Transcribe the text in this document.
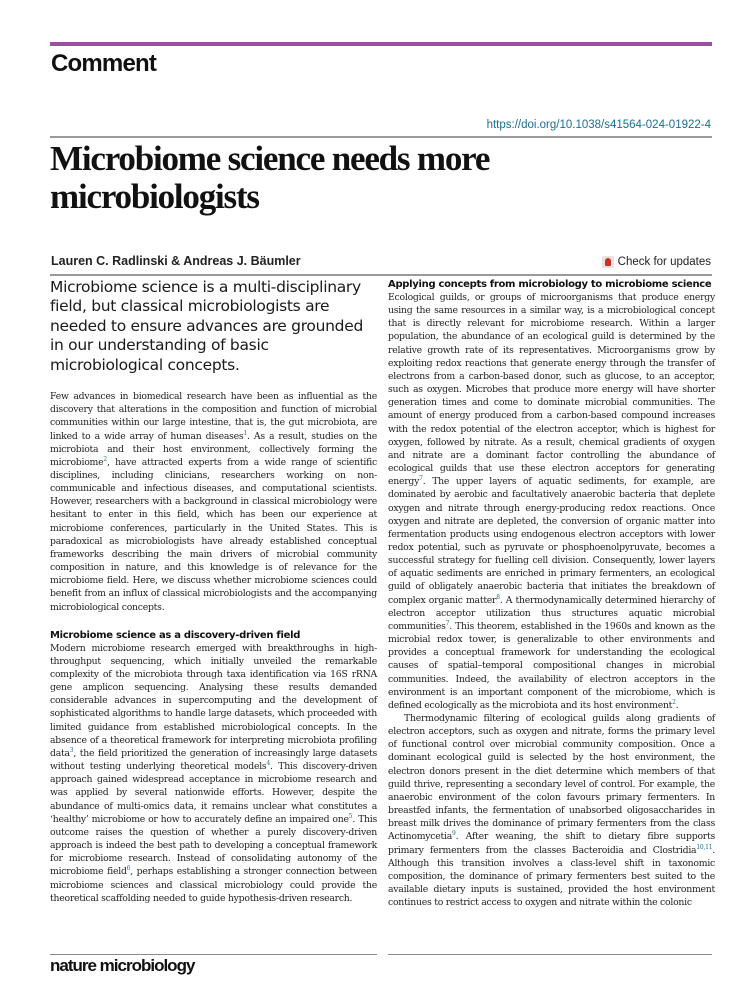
Comment
https://doi.org/10.1038/s41564-024-01922-4
Microbiome science needs more microbiologists
Lauren C. Radlinski & Andreas J. Bäumler	Check for updates
Microbiome science is a multi-disciplinary field, but classical microbiologists are needed to ensure advances are grounded in our understanding of basic microbiological concepts.

Few advances in biomedical research have been as influential as the discovery that alterations in the composition and function of microbial communities within our large intestine, that is, the gut microbiota, are linked to a wide array of human diseases$^1$. As a result, studies on the microbiota and their host environment, collectively forming the microbiome$^2$, have attracted experts from a wide range of scientific disciplines, including clinicians, researchers working on non-communicable and infectious diseases, and computational scientists. However, researchers with a background in classical microbiology were hesitant to enter in this field, which has been our experience at microbiome conferences, particularly in the United States. This is paradoxical as microbiologists have already established conceptual frameworks describing the main drivers of microbial community composition in nature, and this knowledge is of relevance for the microbiome field. Here, we discuss whether microbiome sciences could benefit from an influx of classical microbiologists and the accompanying microbiological concepts.

Microbiome science as a discovery-driven field

Modern microbiome research emerged with breakthroughs in high-throughput sequencing, which initially unveiled the remarkable complexity of the microbiota through taxa identification via 16S rRNA gene amplicon sequencing. Analysing these results demanded considerable advances in supercomputing and the development of sophisticated algorithms to handle large datasets, which proceeded with limited guidance from established microbiological concepts. In the absence of a theoretical framework for interpreting microbiota profiling data$^3$, the field prioritized the generation of increasingly large datasets without testing underlying theoretical models$^4$. This discovery-driven approach gained widespread acceptance in microbiome research and was applied by several nationwide efforts. However, despite the abundance of multi-omics data, it remains unclear what constitutes a ‘healthy’ microbiome or how to accurately define an impaired one$^5$. This outcome raises the question of whether a purely discovery-driven approach is indeed the best path to developing a conceptual framework for microbiome research. Instead of consolidating autonomy of the microbiome field$^6$, perhaps establishing a stronger connection between microbiome sciences and classical microbiology could provide the theoretical scaffolding needed to guide hypothesis-driven research.

Applying concepts from microbiology to microbiome science

Ecological guilds, or groups of microorganisms that produce energy using the same resources in a similar way, is a microbiological concept that is directly relevant for microbiome research. Within a larger population, the abundance of an ecological guild is determined by the relative growth rate of its representatives. Microorganisms grow by exploiting redox reactions that generate energy through the transfer of electrons from a carbon-based donor, such as glucose, to an acceptor, such as oxygen. Microbes that produce more energy will have shorter generation times and come to dominate microbial communities. The amount of energy produced from a carbon-based compound increases with the redox potential of the electron acceptor, which is highest for oxygen, followed by nitrate. As a result, chemical gradients of oxygen and nitrate are a dominant factor controlling the abundance of ecological guilds that use these electron acceptors for generating energy$^7$. The upper layers of aquatic sediments, for example, are dominated by aerobic and facultatively anaerobic bacteria that deplete oxygen and nitrate through energy-producing redox reactions. Once oxygen and nitrate are depleted, the conversion of organic matter into fermentation products using endogenous electron acceptors with lower redox potential, such as pyruvate or phosphoenolpyruvate, becomes a successful strategy for fuelling cell division. Consequently, lower layers of aquatic sediments are enriched in primary fermenters, an ecological guild of obligately anaerobic bacteria that initiates the breakdown of complex organic matter$^8$. A thermodynamically determined hierarchy of electron acceptor utilization thus structures aquatic microbial communities$^7$. This theorem, established in the 1960s and known as the microbial redox tower, is generalizable to other environments and provides a conceptual framework for understanding the ecological causes of spatial–temporal compositional changes in microbial communities. Indeed, the availability of electron acceptors in the environment is an important component of the microbiome, which is defined ecologically as the microbiota and its host environment$^2$.

Thermodynamic filtering of ecological guilds along gradients of electron acceptors, such as oxygen and nitrate, forms the primary level of functional control over microbial community composition. Once a dominant ecological guild is selected by the host environment, the electron donors present in the diet determine which members of that guild thrive, representing a secondary level of control. For example, the anaerobic environment of the colon favours primary fermenters. In breastfed infants, the fermentation of unabsorbed oligosaccharides in breast milk drives the dominance of primary fermenters from the class Actinomycetia$^9$. After weaning, the shift to dietary fibre supports primary fermenters from the classes Bacteroidia and Clostridia$^{10,11}$. Although this transition involves a class-level shift in taxonomic composition, the dominance of primary fermenters best suited to the available dietary inputs is sustained, provided the host environment continues to restrict access to oxygen and nitrate within the colonic

nature microbiology
